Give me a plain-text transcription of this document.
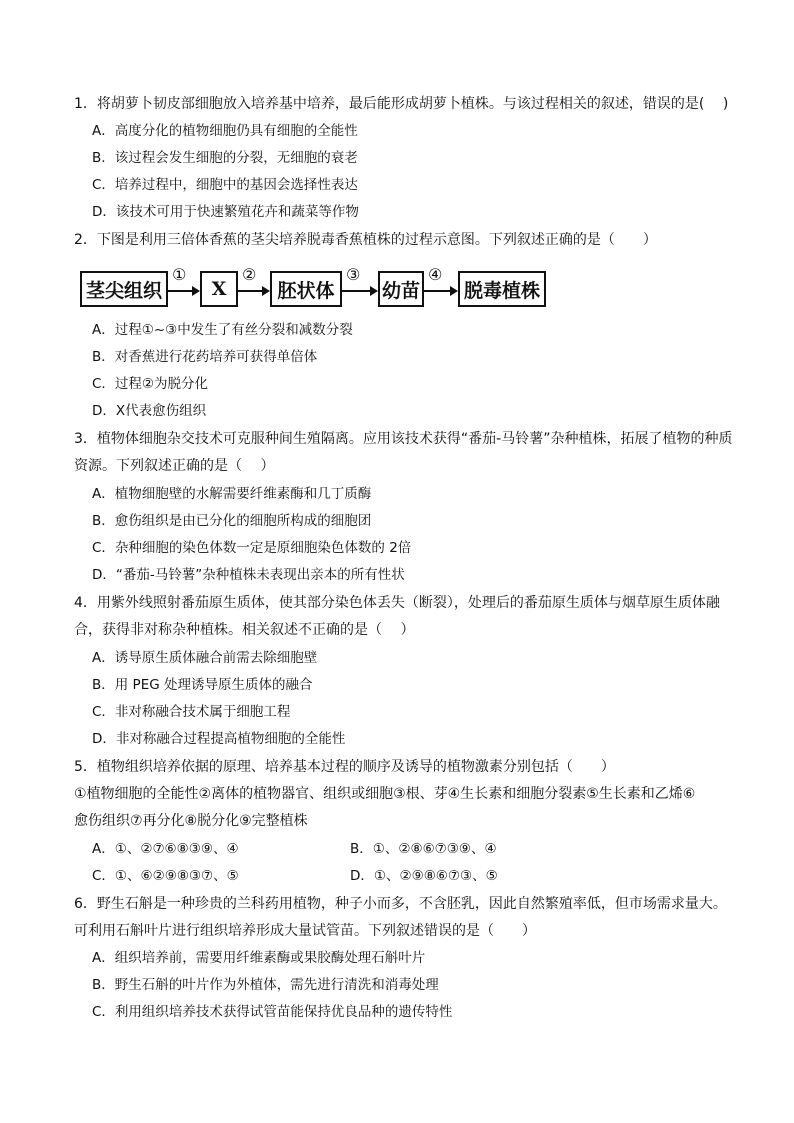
1．将胡萝卜韧皮部细胞放入培养基中培养，最后能形成胡萝卜植株。与该过程相关的叙述，错误的是(　 )
A．高度分化的植物细胞仍具有细胞的全能性
B．该过程会发生细胞的分裂，无细胞的衰老
C．培养过程中，细胞中的基因会选择性表达
D．该技术可用于快速繁殖花卉和蔬菜等作物
2．下图是利用三倍体香蕉的茎尖培养脱毒香蕉植株的过程示意图。下列叙述正确的是（　　）
茎尖组织
①
X
②
胚状体
③
幼苗
④
脱毒植株
A．过程①~③中发生了有丝分裂和减数分裂
B．对香蕉进行花药培养可获得单倍体
C．过程②为脱分化
D．X代表愈伤组织
3．植物体细胞杂交技术可克服种间生殖隔离。应用该技术获得“番茄-马铃薯”杂种植株，拓展了植物的种质
资源。下列叙述正确的是（　 ）
A．植物细胞壁的水解需要纤维素酶和几丁质酶
B．愈伤组织是由已分化的细胞所构成的细胞团
C．杂种细胞的染色体数一定是原细胞染色体数的 2倍
D．“番茄-马铃薯”杂种植株未表现出亲本的所有性状
4．用紫外线照射番茄原生质体，使其部分染色体丢失（断裂），处理后的番茄原生质体与烟草原生质体融
合，获得非对称杂种植株。相关叙述不正确的是（　 ）
A．诱导原生质体融合前需去除细胞壁
B．用 PEG 处理诱导原生质体的融合
C．非对称融合技术属于细胞工程
D．非对称融合过程提高植物细胞的全能性
5．植物组织培养依据的原理、培养基本过程的顺序及诱导的植物激素分别包括（　　）
①植物细胞的全能性②离体的植物器官、组织或细胞③根、芽④生长素和细胞分裂素⑤生长素和乙烯⑥
愈伤组织⑦再分化⑧脱分化⑨完整植株
A．①、②⑦⑥⑧③⑨、④	B．①、②⑧⑥⑦③⑨、④
C．①、⑥②⑨⑧③⑦、⑤	D．①、②⑨⑧⑥⑦③、⑤
6．野生石斛是一种珍贵的兰科药用植物，种子小而多，不含胚乳，因此自然繁殖率低，但市场需求量大。
可利用石斛叶片进行组织培养形成大量试管苗。下列叙述错误的是（　　）
A．组织培养前，需要用纤维素酶或果胶酶处理石斛叶片
B．野生石斛的叶片作为外植体，需先进行清洗和消毒处理
C．利用组织培养技术获得试管苗能保持优良品种的遗传特性
